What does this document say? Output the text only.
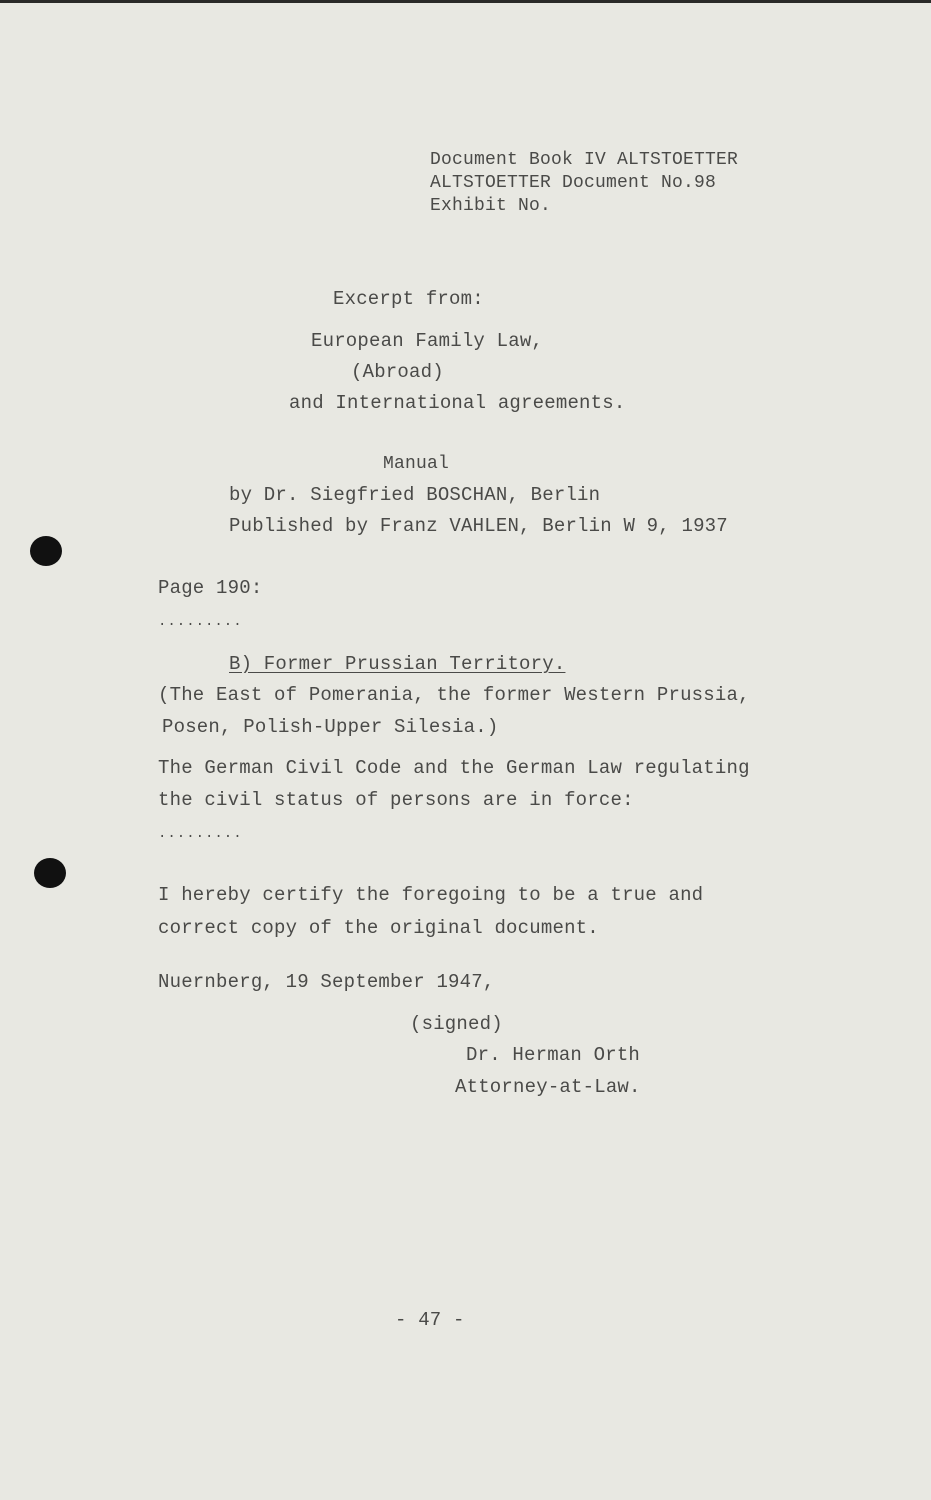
Document Book IV ALTSTOETTER
ALTSTOETTER Document No.98
Exhibit No.
Excerpt from:
European Family Law,
(Abroad)
and International agreements.
Manual
by Dr. Siegfried BOSCHAN, Berlin
Published by Franz VAHLEN, Berlin W 9, 1937
Page 190:
.........
B) Former Prussian Territory.
(The East of Pomerania, the former Western Prussia,
Posen, Polish-Upper Silesia.)
The German Civil Code and the German Law regulating
the civil status of persons are in force:
.........
I hereby certify the foregoing to be a true and
correct copy of the original document.
Nuernberg, 19 September 1947,
(signed)
Dr. Herman Orth
Attorney-at-Law.
- 47 -
